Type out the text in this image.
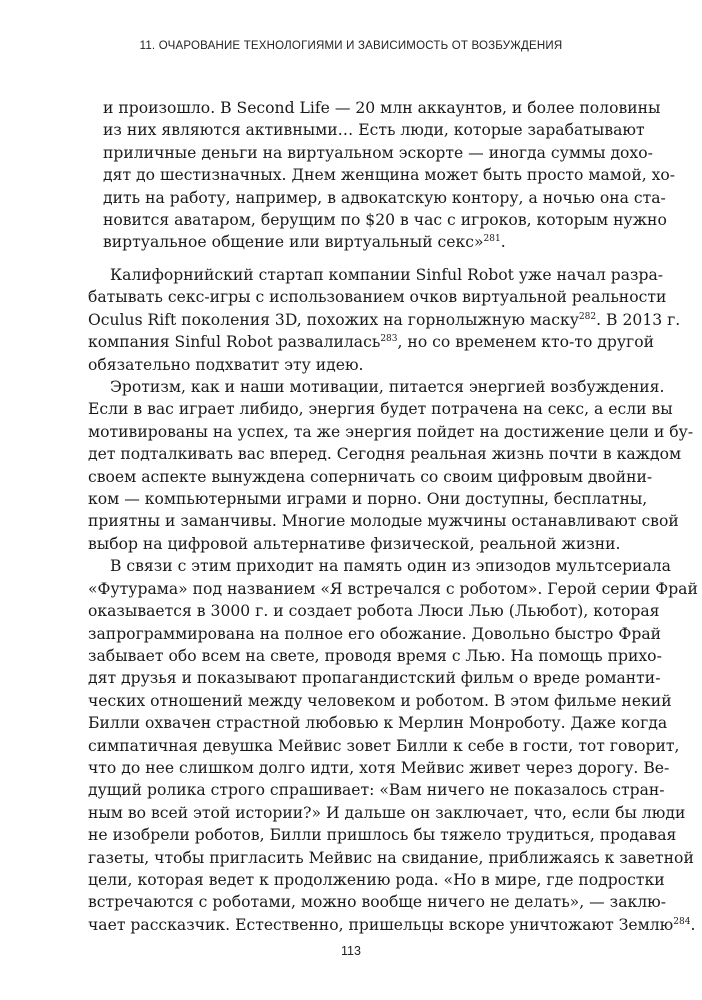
11. ОЧАРОВАНИЕ ТЕХНОЛОГИЯМИ И ЗАВИСИМОСТЬ ОТ ВОЗБУЖДЕНИЯ
и произошло. В Second Life — 20 млн аккаунтов, и более половины
из них являются активными… Есть люди, которые зарабатывают
приличные деньги на виртуальном эскорте — иногда суммы дохо-
дят до шестизначных. Днем женщина может быть просто мамой, хо-
дить на работу, например, в адвокатскую контору, а ночью она ста-
новится аватаром, берущим по $20 в час с игроков, которым нужно
виртуальное общение или виртуальный секс»$^{281}$.
Калифорнийский стартап компании Sinful Robot уже начал разра-
батывать секс-игры с использованием очков виртуальной реальности
Oculus Rift поколения 3D, похожих на горнолыжную маску$^{282}$. В 2013 г.
компания Sinful Robot развалилась$^{283}$, но со временем кто-то другой
обязательно подхватит эту идею.
Эротизм, как и наши мотивации, питается энергией возбуждения.
Если в вас играет либидо, энергия будет потрачена на секс, а если вы
мотивированы на успех, та же энергия пойдет на достижение цели и бу-
дет подталкивать вас вперед. Сегодня реальная жизнь почти в каждом
своем аспекте вынуждена соперничать со своим цифровым двойни-
ком — компьютерными играми и порно. Они доступны, бесплатны,
приятны и заманчивы. Многие молодые мужчины останавливают свой
выбор на цифровой альтернативе физической, реальной жизни.
В связи с этим приходит на память один из эпизодов мультсериала
«Футурама» под названием «Я встречался с роботом». Герой серии Фрай
оказывается в 3000 г. и создает робота Люси Лью (Льюбот), которая
запрограммирована на полное его обожание. Довольно быстро Фрай
забывает обо всем на свете, проводя время с Лью. На помощь прихо-
дят друзья и показывают пропагандистский фильм о вреде романти-
ческих отношений между человеком и роботом. В этом фильме некий
Билли охвачен страстной любовью к Мерлин Монроботу. Даже когда
симпатичная девушка Мейвис зовет Билли к себе в гости, тот говорит,
что до нее слишком долго идти, хотя Мейвис живет через дорогу. Ве-
дущий ролика строго спрашивает: «Вам ничего не показалось стран-
ным во всей этой истории?» И дальше он заключает, что, если бы люди
не изобрели роботов, Билли пришлось бы тяжело трудиться, продавая
газеты, чтобы пригласить Мейвис на свидание, приближаясь к заветной
цели, которая ведет к продолжению рода. «Но в мире, где подростки
встречаются с роботами, можно вообще ничего не делать», — заклю-
чает рассказчик. Естественно, пришельцы вскоре уничтожают Землю$^{284}$.
113
